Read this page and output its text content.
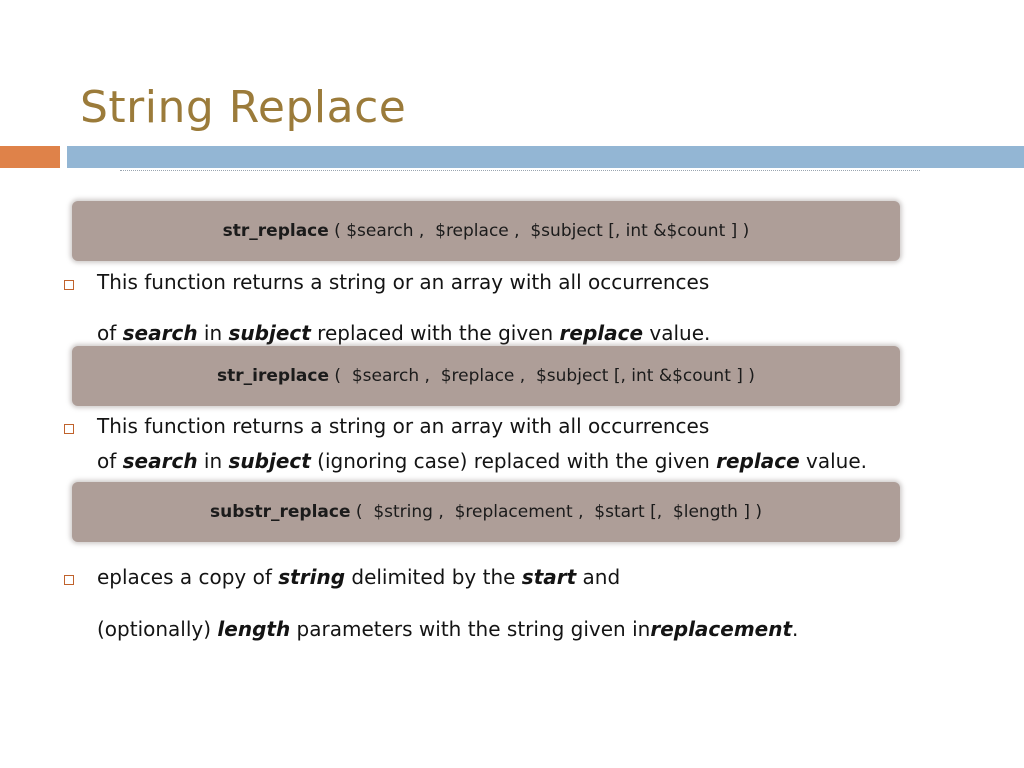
String Replace
str_replace ( $search ,  $replace ,  $subject [, int &$count ] )
This function returns a string or an array with all occurrences
of search in subject replaced with the given replace value.
str_ireplace (  $search ,  $replace ,  $subject [, int &$count ] )
This function returns a string or an array with all occurrences
of search in subject (ignoring case) replaced with the given replace value.
substr_replace (  $string ,  $replacement ,  $start [,  $length ] )
eplaces a copy of string delimited by the start and
(optionally) length parameters with the string given inreplacement.
